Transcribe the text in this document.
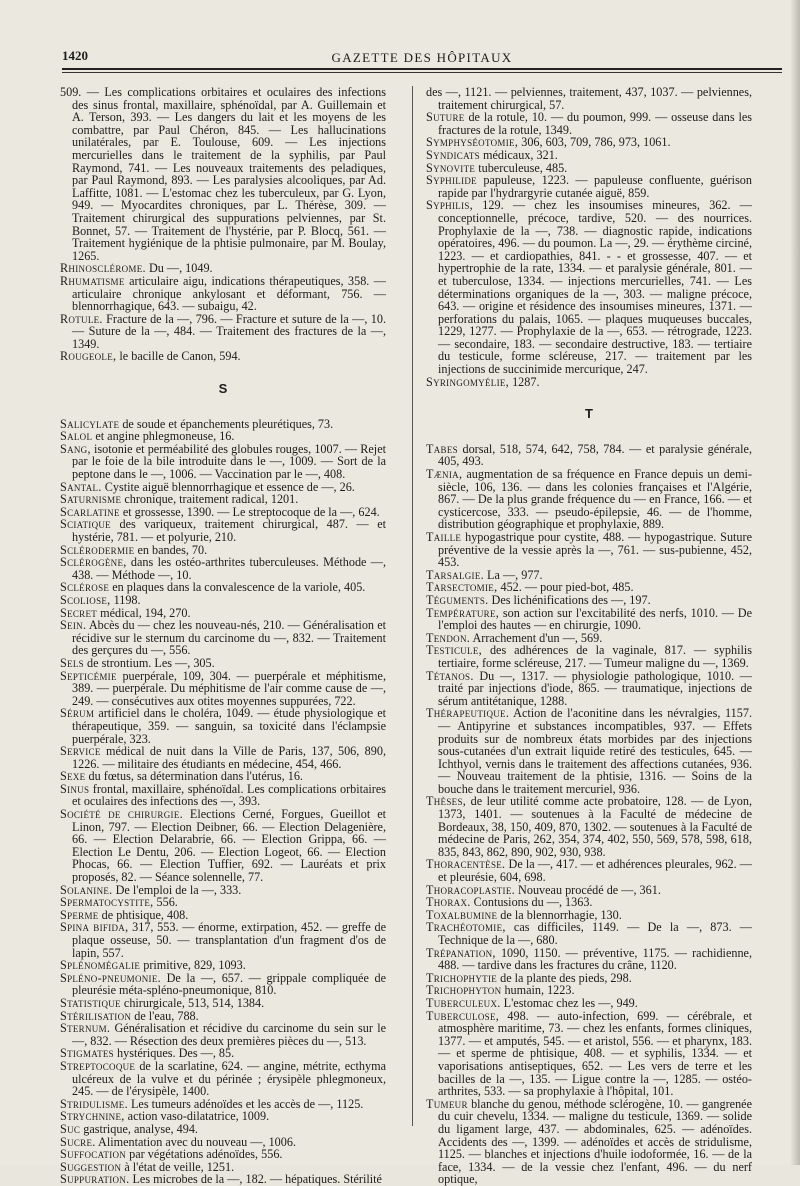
1420	GAZETTE DES HÔPITAUX

509. — Les complications orbitaires et oculaires des infections des sinus frontal, maxillaire, sphénoïdal, par A. Guillemain et A. Terson, 393. — Les dangers du lait et les moyens de les combattre, par Paul Chéron, 845. — Les hallucinations unilatérales, par E. Toulouse, 609. — Les injections mercurielles dans le traitement de la syphilis, par Paul Raymond, 741. — Les nouveaux traitements des peladiques, par Paul Raymond, 893. — Les paralysies alcooliques, par Ad. Laffitte, 1081. — L'estomac chez les tuberculeux, par G. Lyon, 949. — Myocardites chroniques, par L. Thérèse, 309. — Traitement chirurgical des suppurations pelviennes, par St. Bonnet, 57. — Traitement de l'hystérie, par P. Blocq, 561. — Traitement hygiénique de la phtisie pulmonaire, par M. Boulay, 1265.

Rhinosclérome. Du —, 1049.

Rhumatisme articulaire aigu, indications thérapeutiques, 358. — articulaire chronique ankylosant et déformant, 756. — blennorrhagique, 643. — subaigu, 42.

Rotule. Fracture de la —, 796. — Fracture et suture de la —, 10. — Suture de la —, 484. — Traitement des fractures de la —, 1349.

Rougeole, le bacille de Canon, 594.

S

Salicylate de soude et épanchements pleurétiques, 73.

Salol et angine phlegmoneuse, 16.

Sang, isotonie et perméabilité des globules rouges, 1007. — Rejet par le foie de la bile introduite dans le —, 1009. — Sort de la peptone dans le —, 1006. — Vaccination par le —, 408.

Santal. Cystite aiguë blennorrhagique et essence de —, 26.

Saturnisme chronique, traitement radical, 1201.

Scarlatine et grossesse, 1390. — Le streptocoque de la —, 624.

Sciatique des variqueux, traitement chirurgical, 487. — et hystérie, 781. — et polyurie, 210.

Sclérodermie en bandes, 70.

Sclérogène, dans les ostéo-arthrites tuberculeuses. Méthode —, 438. — Méthode —, 10.

Sclérose en plaques dans la convalescence de la variole, 405.

Scoliose, 1198.

Secret médical, 194, 270.

Sein. Abcès du — chez les nouveau-nés, 210. — Généralisation et récidive sur le sternum du carcinome du —, 832. — Traitement des gerçures du —, 556.

Sels de strontium. Les —, 305.

Septicémie puerpérale, 109, 304. — puerpérale et méphitisme, 389. — puerpérale. Du méphitisme de l'air comme cause de —, 249. — consécutives aux otites moyennes suppurées, 722.

Sérum artificiel dans le choléra, 1049. — étude physiologique et thérapeutique, 359. — sanguin, sa toxicité dans l'éclampsie puerpérale, 323.

Service médical de nuit dans la Ville de Paris, 137, 506, 890, 1226. — militaire des étudiants en médecine, 454, 466.

Sexe du fœtus, sa détermination dans l'utérus, 16.

Sinus frontal, maxillaire, sphénoïdal. Les complications orbitaires et oculaires des infections des —, 393.

Société de chirurgie. Elections Cerné, Forgues, Gueillot et Linon, 797. — Election Deibner, 66. — Election Delagenière, 66. — Election Delarabrie, 66. — Election Grippa, 66. — Election Le Dentu, 206. — Election Logeot, 66. — Election Phocas, 66. — Election Tuffier, 692. — Lauréats et prix proposés, 82. — Séance solennelle, 77.

Solanine. De l'emploi de la —, 333.

Spermatocystite, 556.

Sperme de phtisique, 408.

Spina bifida, 317, 553. — énorme, extirpation, 452. — greffe de plaque osseuse, 50. — transplantation d'un fragment d'os de lapin, 557.

Splénomégalie primitive, 829, 1093.

Spléno-pneumonie. De la —, 657. — grippale compliquée de pleurésie méta-spléno-pneumonique, 810.

Statistique chirurgicale, 513, 514, 1384.

Stérilisation de l'eau, 788.

Sternum. Généralisation et récidive du carcinome du sein sur le —, 832. — Résection des deux premières pièces du —, 513.

Stigmates hystériques. Des —, 85.

Streptocoque de la scarlatine, 624. — angine, métrite, ecthyma ulcéreux de la vulve et du périnée ; érysipèle phlegmoneux, 245. — de l'érysipèle, 1400.

Stridulisme. Les tumeurs adénoïdes et les accès de —, 1125.

Strychnine, action vaso-dilatatrice, 1009.

Suc gastrique, analyse, 494.

Sucre. Alimentation avec du nouveau —, 1006.

Suffocation par végétations adénoïdes, 556.

Suggestion à l'état de veille, 1251.

Suppuration. Les microbes de la —, 182. — hépatiques. Stérilité

des —, 1121. — pelviennes, traitement, 437, 1037. — pelviennes, traitement chirurgical, 57.

Suture de la rotule, 10. — du poumon, 999. — osseuse dans les fractures de la rotule, 1349.

Symphyséotomie, 306, 603, 709, 786, 973, 1061.

Syndicats médicaux, 321.

Synovite tuberculeuse, 485.

Syphilide papuleuse, 1223. — papuleuse confluente, guérison rapide par l'hydrargyrie cutanée aiguë, 859.

Syphilis, 129. — chez les insoumises mineures, 362. — conceptionnelle, précoce, tardive, 520. — des nourrices. Prophylaxie de la —, 738. — diagnostic rapide, indications opératoires, 496. — du poumon. La —, 29. — érythème circiné, 1223. — et cardiopathies, 841. - - et grossesse, 407. — et hypertrophie de la rate, 1334. — et paralysie générale, 801. — et tuberculose, 1334. — injections mercurielles, 741. — Les déterminations organiques de la —, 303. — maligne précoce, 643. — origine et résidence des insoumises mineures, 1371. — perforations du palais, 1065. — plaques muqueuses buccales, 1229, 1277. — Prophylaxie de la —, 653. — rétrograde, 1223. — secondaire, 183. — secondaire destructive, 183. — tertiaire du testicule, forme scléreuse, 217. — traitement par les injections de succinimide mercurique, 247.

Syringomyélie, 1287.

T

Tabes dorsal, 518, 574, 642, 758, 784. — et paralysie générale, 405, 493.

Tænia, augmentation de sa fréquence en France depuis un demi-siècle, 106, 136. — dans les colonies françaises et l'Algérie, 867. — De la plus grande fréquence du — en France, 166. — et cysticercose, 333. — pseudo-épilepsie, 46. — de l'homme, distribution géographique et prophylaxie, 889.

Taille hypogastrique pour cystite, 488. — hypogastrique. Suture préventive de la vessie après la —, 761. — sus-pubienne, 452, 453.

Tarsalgie. La —, 977.

Tarsectomie, 452. — pour pied-bot, 485.

Téguments. Des lichénifications des —, 197.

Température, son action sur l'excitabilité des nerfs, 1010. — De l'emploi des hautes — en chirurgie, 1090.

Tendon. Arrachement d'un —, 569.

Testicule, des adhérences de la vaginale, 817. — syphilis tertiaire, forme scléreuse, 217. — Tumeur maligne du —, 1369.

Tétanos. Du —, 1317. — physiologie pathologique, 1010. — traité par injections d'iode, 865. — traumatique, injections de sérum antitétanique, 1288.

Thérapeutique. Action de l'aconitine dans les névralgies, 1157. — Antipyrine et substances incompatibles, 937. — Effets produits sur de nombreux états morbides par des injections sous-cutanées d'un extrait liquide retiré des testicules, 645. — Ichthyol, vernis dans le traitement des affections cutanées, 936. — Nouveau traitement de la phtisie, 1316. — Soins de la bouche dans le traitement mercuriel, 936.

Thèses, de leur utilité comme acte probatoire, 128. — de Lyon, 1373, 1401. — soutenues à la Faculté de médecine de Bordeaux, 38, 150, 409, 870, 1302. — soutenues à la Faculté de médecine de Paris, 262, 354, 374, 402, 550, 569, 578, 598, 618, 835, 843, 862, 890, 902, 930, 938.

Thoracentèse. De la —, 417. — et adhérences pleurales, 962. — et pleurésie, 604, 698.

Thoracoplastie. Nouveau procédé de —, 361.

Thorax. Contusions du —, 1363.

Toxalbumine de la blennorrhagie, 130.

Trachéotomie, cas difficiles, 1149. — De la —, 873. — Technique de la —, 680.

Trépanation, 1090, 1150. — préventive, 1175. — rachidienne, 488. — tardive dans les fractures du crâne, 1120.

Trichophytie de la plante des pieds, 298.

Trichophyton humain, 1223.

Tuberculeux. L'estomac chez les —, 949.

Tuberculose, 498. — auto-infection, 699. — cérébrale, et atmosphère maritime, 73. — chez les enfants, formes cliniques, 1377. — et amputés, 545. — et aristol, 556. — et pharynx, 183. — et sperme de phtisique, 408. — et syphilis, 1334. — et vaporisations antiseptiques, 652. — Les vers de terre et les bacilles de la —, 135. — Ligue contre la —, 1285. — ostéo-arthrites, 533. — sa prophylaxie à l'hôpital, 101.

Tumeur blanche du genou, méthode sclérogène, 10. — gangrenée du cuir chevelu, 1334. — maligne du testicule, 1369. — solide du ligament large, 437. — abdominales, 625. — adénoïdes. Accidents des —, 1399. — adénoïdes et accès de stridulisme, 1125. — blanches et injections d'huile iodoformée, 16. — de la face, 1334. — de la vessie chez l'enfant, 496. — du nerf optique,
